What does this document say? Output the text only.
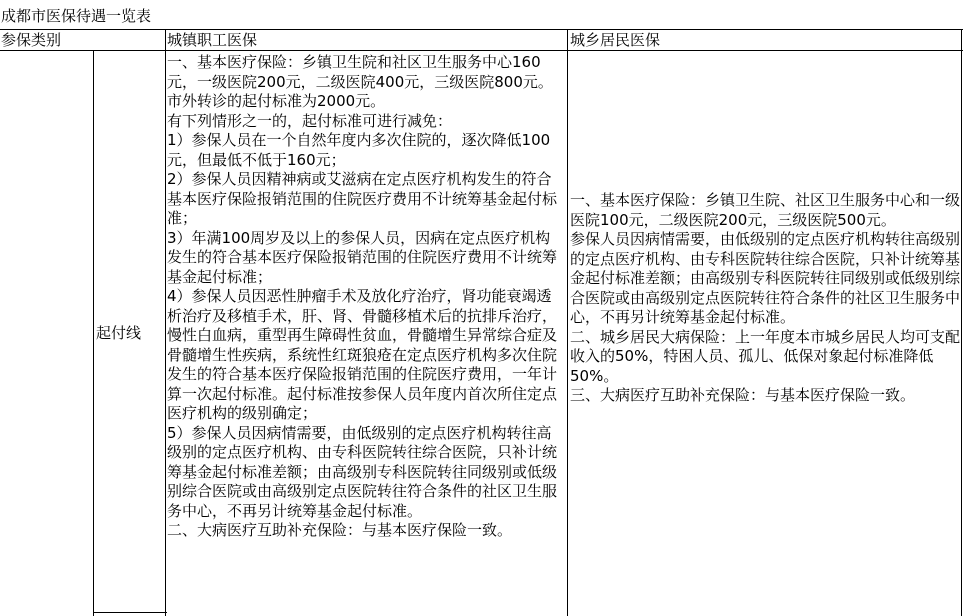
成都市医保待遇一览表
参保类别	城镇职工医保	城乡居民医保
起付线

一、基本医疗保险：乡镇卫生院和社区卫生服务中心160元，一级医院200元，二级医院400元，三级医院800元。市外转诊的起付标准为2000元。

有下列情形之一的，起付标准可进行减免：

1）参保人员在一个自然年度内多次住院的，逐次降低100元，但最低不低于160元；

2）参保人员因精神病或艾滋病在定点医疗机构发生的符合基本医疗保险报销范围的住院医疗费用不计统筹基金起付标准；

3）年满100周岁及以上的参保人员，因病在定点医疗机构发生的符合基本医疗保险报销范围的住院医疗费用不计统筹基金起付标准；

4）参保人员因恶性肿瘤手术及放化疗治疗，肾功能衰竭透析治疗及移植手术，肝、肾、骨髓移植术后的抗排斥治疗，慢性白血病，重型再生障碍性贫血，骨髓增生异常综合症及骨髓增生性疾病，系统性红斑狼疮在定点医疗机构多次住院发生的符合基本医疗保险报销范围的住院医疗费用，一年计算一次起付标准。起付标准按参保人员年度内首次所住定点医疗机构的级别确定；

5）参保人员因病情需要，由低级别的定点医疗机构转往高级别的定点医疗机构、由专科医院转往综合医院，只补计统筹基金起付标准差额；由高级别专科医院转往同级别或低级别综合医院或由高级别定点医院转往符合条件的社区卫生服务中心，不再另计统筹基金起付标准。

二、大病医疗互助补充保险：与基本医疗保险一致。

一、基本医疗保险：乡镇卫生院、社区卫生服务中心和一级医院100元，二级医院200元，三级医院500元。

参保人员因病情需要，由低级别的定点医疗机构转往高级别的定点医疗机构、由专科医院转往综合医院，只补计统筹基金起付标准差额；由高级别专科医院转往同级别或低级别综合医院或由高级别定点医院转往符合条件的社区卫生服务中心，不再另计统筹基金起付标准。

二、城乡居民大病保险：上一年度本市城乡居民人均可支配收入的50%，特困人员、孤儿、低保对象起付标准降低50%。

三、大病医疗互助补充保险：与基本医疗保险一致。
